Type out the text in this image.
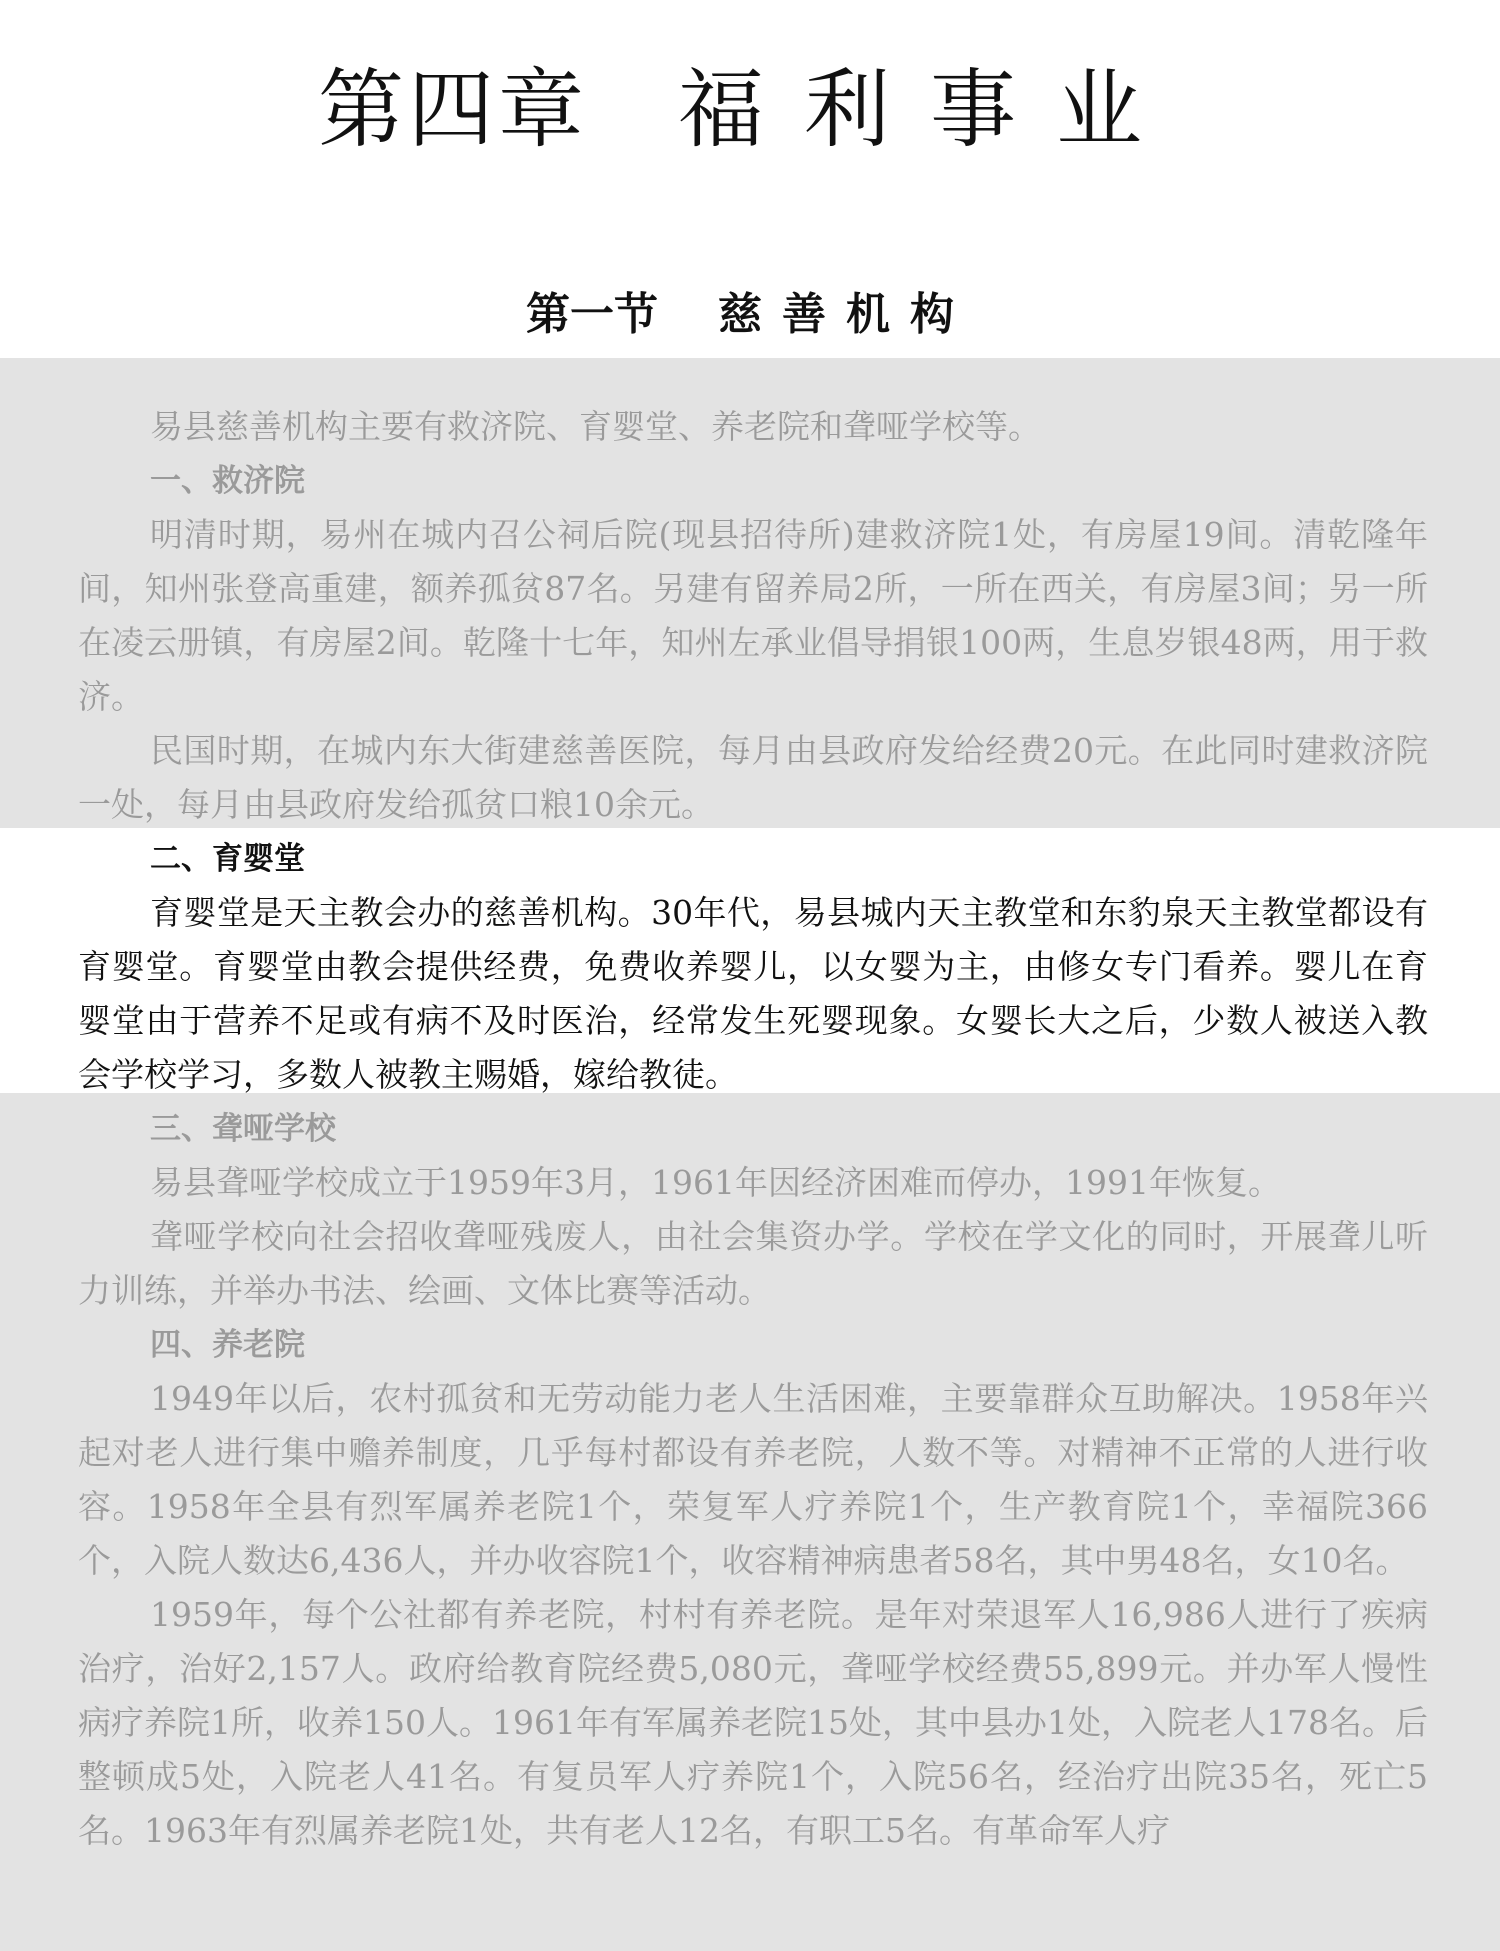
第四章 福利事业
第一节 慈善机构

易县慈善机构主要有救济院、育婴堂、养老院和聋哑学校等。

一、救济院

明清时期，易州在城内召公祠后院(现县招待所)建救济院1处，有房屋19间。清乾隆年间，知州张登高重建，额养孤贫87名。另建有留养局2所，一所在西关，有房屋3间；另一所在凌云册镇，有房屋2间。乾隆十七年，知州左承业倡导捐银100两，生息岁银48两，用于救济。

民国时期，在城内东大街建慈善医院，每月由县政府发给经费20元。在此同时建救济院一处，每月由县政府发给孤贫口粮10余元。

二、育婴堂

育婴堂是天主教会办的慈善机构。30年代，易县城内天主教堂和东豹泉天主教堂都设有育婴堂。育婴堂由教会提供经费，免费收养婴儿，以女婴为主，由修女专门看养。婴儿在育婴堂由于营养不足或有病不及时医治，经常发生死婴现象。女婴长大之后，少数人被送入教会学校学习，多数人被教主赐婚，嫁给教徒。

三、聋哑学校

易县聋哑学校成立于1959年3月，1961年因经济困难而停办，1991年恢复。

聋哑学校向社会招收聋哑残废人，由社会集资办学。学校在学文化的同时，开展聋儿听力训练，并举办书法、绘画、文体比赛等活动。

四、养老院

1949年以后，农村孤贫和无劳动能力老人生活困难，主要靠群众互助解决。1958年兴起对老人进行集中赡养制度，几乎每村都设有养老院，人数不等。对精神不正常的人进行收容。1958年全县有烈军属养老院1个，荣复军人疗养院1个，生产教育院1个，幸福院366个，入院人数达6,436人，并办收容院1个，收容精神病患者58名，其中男48名，女10名。

1959年，每个公社都有养老院，村村有养老院。是年对荣退军人16,986人进行了疾病治疗，治好2,157人。政府给教育院经费5,080元，聋哑学校经费55,899元。并办军人慢性病疗养院1所，收养150人。1961年有军属养老院15处，其中县办1处，入院老人178名。后整顿成5处，入院老人41名。有复员军人疗养院1个，入院56名，经治疗出院35名，死亡5名。1963年有烈属养老院1处，共有老人12名，有职工5名。有革命军人疗
